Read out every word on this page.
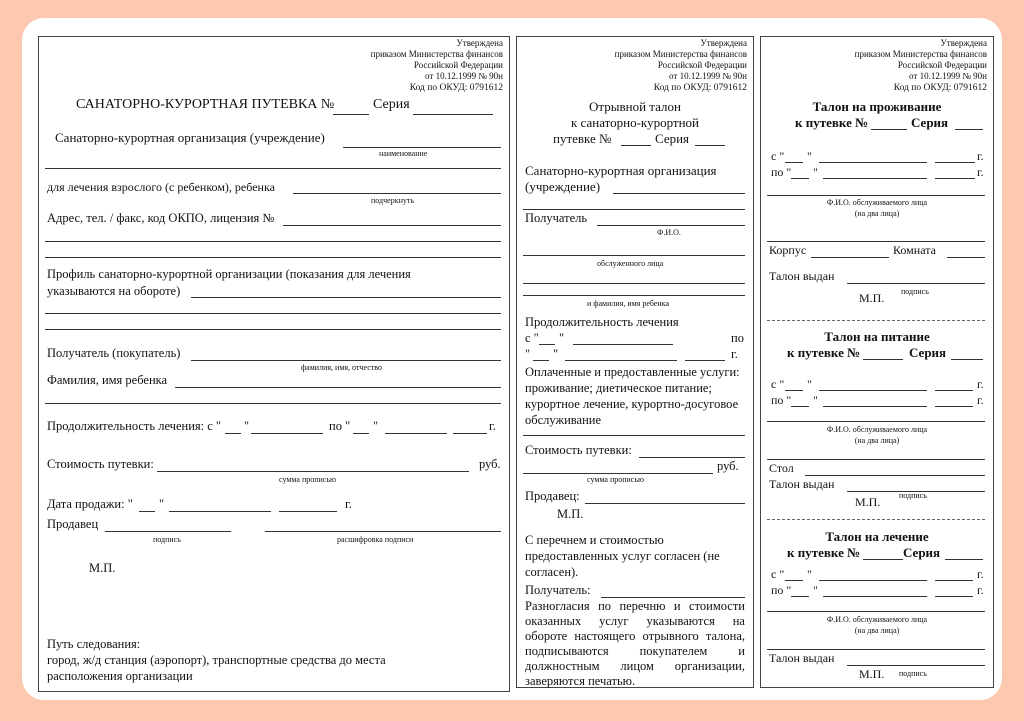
Утверждена
приказом Министерства финансов
Российской Федерации
от 10.12.1999 № 90н
Код по ОКУД: 0791612
САНАТОРНО-КУРОРТНАЯ ПУТЕВКА №	Серия
Санаторно-курортная организация (учреждение)
наименование
для лечения взрослого (с ребенком), ребенка
подчеркнуть
Адрес, тел. / факс, код ОКПО, лицензия №
Профиль санаторно-курортной организации (показания для лечения
указываются на обороте)
Получатель (покупатель)
фамилия, имя, отчество
Фамилия, имя ребенка
Продолжительность лечения: с " "	по " "	г.
Стоимость путевки:	руб.
сумма прописью
Дата продажи: " "	г.
Продавец
подпись	расшифровка подписи
М.П.
Путь следования:
город, ж/д станция (аэропорт), транспортные средства до места
расположения организации
Утверждена
приказом Министерства финансов
Российской Федерации
от 10.12.1999 № 90н
Код по ОКУД: 0791612
Отрывной талон
к санаторно-курортной
путевке №	Серия
Санаторно-курортная организация
(учреждение)
Получатель
Ф.И.О.
обслуженного лица
и фамилия, имя ребенка
Продолжительность лечения
с " "	по
" "	г.
Оплаченные и предоставленные услуги:
проживание; диетическое питание;
курортное лечение, курортно-досуговое
обслуживание
Стоимость путевки:
руб.
сумма прописью
Продавец:
М.П.
С перечнем и стоимостью
предоставленных услуг согласен (не
согласен).
Получатель:
Разногласия по перечню и стоимости оказанных услуг указываются на обороте настоящего отрывного талона, подписываются покупателем и должностным лицом организации, заверяются печатью.
Утверждена
приказом Министерства финансов
Российской Федерации
от 10.12.1999 № 90н
Код по ОКУД: 0791612
Талон на проживание
к путевке №	Серия
с " "	г.
по " "	г.
Ф.И.О. обслуживаемого лица
(на два лица)
Корпус	Комната
Талон выдан
М.П. подпись
Талон на питание
к путевке №	Серия
с " "	г.
по " "	г.
Ф.И.О. обслуживаемого лица
(на два лица)
Стол
Талон выдан
М.П. подпись
Талон на лечение
к путевке №	Серия
с " "	г.
по " "	г.
Ф.И.О. обслуживаемого лица
(на два лица)
Талон выдан
М.П. подпись
